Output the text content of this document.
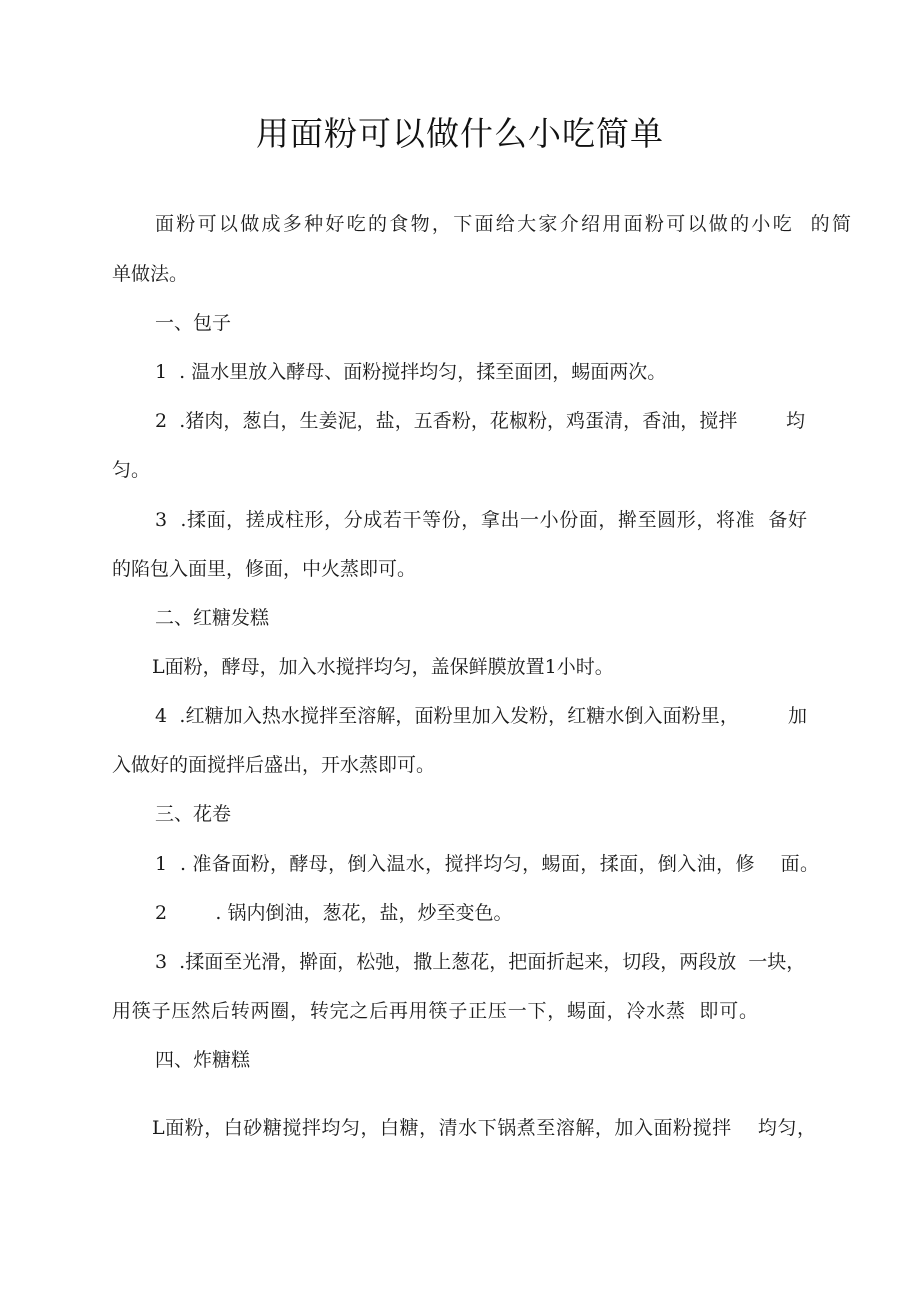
用面粉可以做什么小吃简单

面粉可以做成多种好吃的食物，下面给大家介绍用面粉可以做的小吃  的简

单做法。

一、包子

1  . 温水里放入酵母、面粉搅拌均匀，揉至面团，蜴面两次。

2  .猪肉，葱白，生姜泥，盐，五香粉，花椒粉，鸡蛋清，香油，搅拌        均

匀。

3  .揉面，搓成柱形，分成若干等份，拿出一小份面，擀至圆形，将准  备好

的陷包入面里，修面，中火蒸即可。

二、红糖发糕

L面粉，酵母，加入水搅拌均匀，盖保鲜膜放置1小时。

4  .红糖加入热水搅拌至溶解，面粉里加入发粉，红糖水倒入面粉里，        加

入做好的面搅拌后盛出，开水蒸即可。

三、花卷

1  . 准备面粉，酵母，倒入温水，搅拌均匀，蜴面，揉面，倒入油，修    面。

2        . 锅内倒油，葱花，盐，炒至变色。

3  .揉面至光滑，擀面，松弛，撒上葱花，把面折起来，切段，两段放  一块，

用筷子压然后转两圈，转完之后再用筷子正压一下，蜴面，冷水蒸  即可。

四、炸糖糕

L面粉，白砂糖搅拌均匀，白糖，清水下锅煮至溶解，加入面粉搅拌    均匀，
